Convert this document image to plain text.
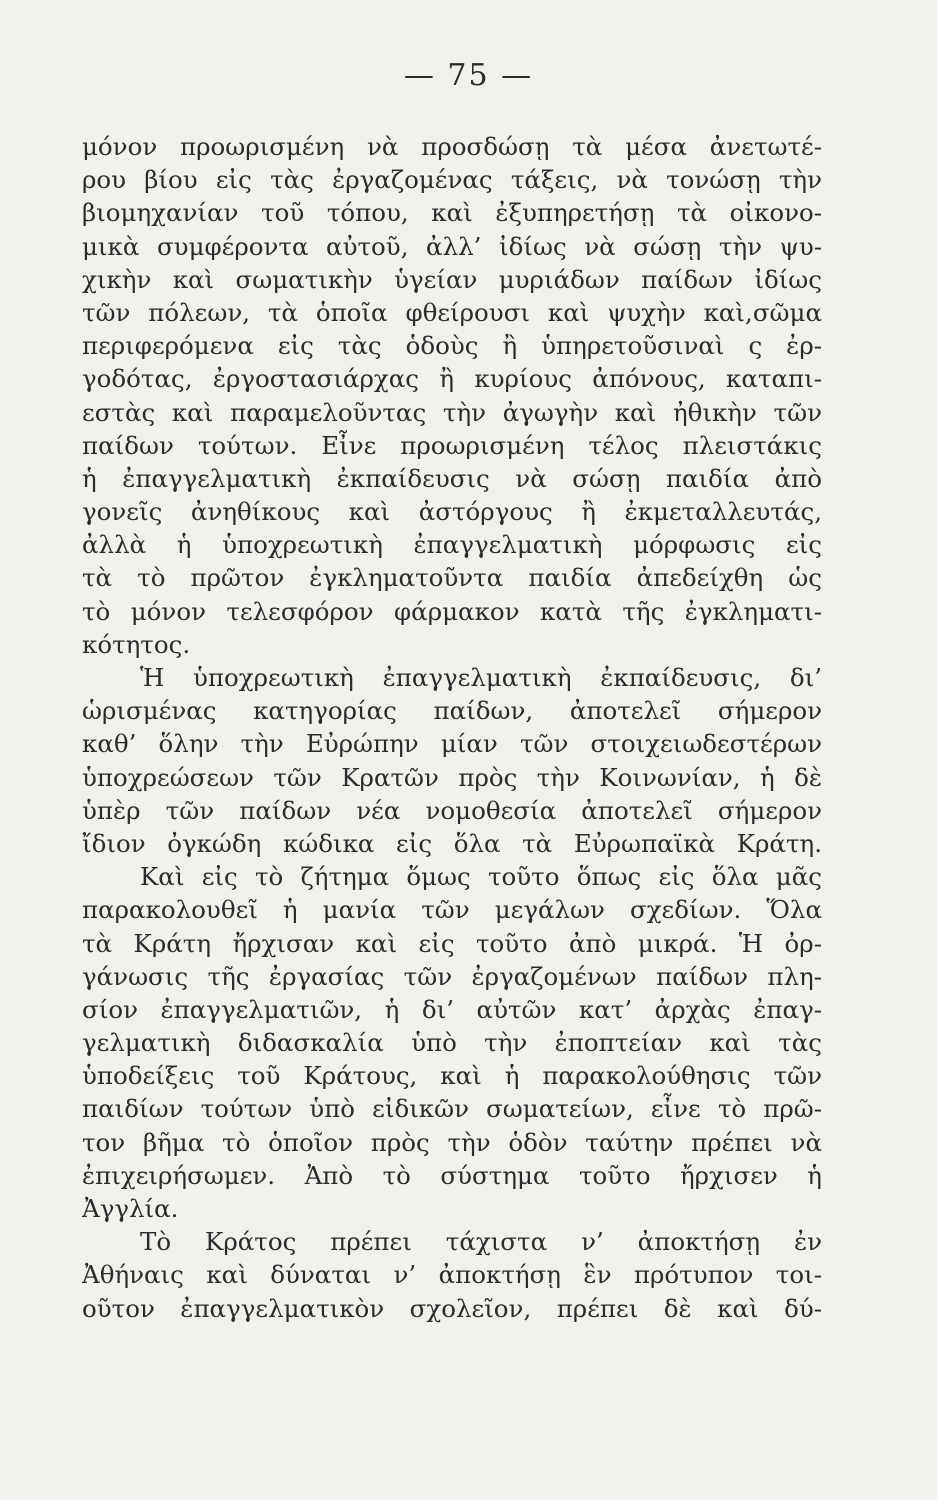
— 75 —
μόνον προωρισμένη νὰ προσδώσῃ τὰ μέσα ἀνετωτέ-
ρου βίου εἰς τὰς ἐργαζομένας τάξεις, νὰ τονώσῃ τὴν
βιομηχανίαν τοῦ τόπου, καὶ ἐξυπηρετήσῃ τὰ οἰκονο-
μικὰ συμφέροντα αὐτοῦ, ἀλλ’ ἰδίως νὰ σώσῃ τὴν ψυ-
χικὴν καὶ σωματικὴν ὑγείαν μυριάδων παίδων ἰδίως
τῶν πόλεων, τὰ ὁποῖα φθείρουσι καὶ ψυχὴν καὶ,σῶμα
περιφερόμενα εἰς τὰς ὁδοὺς ἢ ὑπηρετοῦσιναὶ ς ἐρ-
γοδότας, ἐργοστασιάρχας ἢ κυρίους ἀπόνους, καταπι-
εστὰς καὶ παραμελοῦντας τὴν ἀγωγὴν καὶ ἠθικὴν τῶν
παίδων τούτων. Εἶνε προωρισμένη τέλος πλειστάκις
ἡ ἐπαγγελματικὴ ἐκπαίδευσις νὰ σώσῃ παιδία ἀπὸ
γονεῖς ἀνηθίκους καὶ ἀστόργους ἢ ἐκμεταλλευτάς,
ἀλλὰ ἡ ὑποχρεωτικὴ ἐπαγγελματικὴ μόρφωσις εἰς
τὰ τὸ πρῶτον ἐγκληματοῦντα παιδία ἀπεδείχθη ὡς
τὸ μόνον τελεσφόρον φάρμακον κατὰ τῆς ἐγκληματι-
κότητος.
Ἡ ὑποχρεωτικὴ ἐπαγγελματικὴ ἐκπαίδευσις, δι’
ὡρισμένας κατηγορίας παίδων, ἀποτελεῖ σήμερον
καθ’ ὅλην τὴν Εὐρώπην μίαν τῶν στοιχειωδεστέρων
ὑποχρεώσεων τῶν Κρατῶν πρὸς τὴν Κοινωνίαν, ἡ δὲ
ὑπὲρ τῶν παίδων νέα νομοθεσία ἀποτελεῖ σήμερον
ἴδιον ὀγκώδη κώδικα εἰς ὅλα τὰ Εὐρωπαϊκὰ Κράτη.
Καὶ εἰς τὸ ζήτημα ὅμως τοῦτο ὅπως εἰς ὅλα μᾶς
παρακολουθεῖ ἡ μανία τῶν μεγάλων σχεδίων. Ὅλα
τὰ Κράτη ἤρχισαν καὶ εἰς τοῦτο ἀπὸ μικρά. Ἡ ὀρ-
γάνωσις τῆς ἐργασίας τῶν ἐργαζομένων παίδων πλη-
σίον ἐπαγγελματιῶν, ἡ δι’ αὐτῶν κατ’ ἀρχὰς ἐπαγ-
γελματικὴ διδασκαλία ὑπὸ τὴν ἐποπτείαν καὶ τὰς
ὑποδείξεις τοῦ Κράτους, καὶ ἡ παρακολούθησις τῶν
παιδίων τούτων ὑπὸ εἰδικῶν σωματείων, εἶνε τὸ πρῶ-
τον βῆμα τὸ ὁποῖον πρὸς τὴν ὁδὸν ταύτην πρέπει νὰ
ἐπιχειρήσωμεν. Ἀπὸ τὸ σύστημα τοῦτο ἤρχισεν ἡ
Ἀγγλία.
Τὸ Κράτος πρέπει τάχιστα ν’ ἀποκτήσῃ ἐν
Ἀθήναις καὶ δύναται ν’ ἀποκτήσῃ ἓν πρότυπον τοι-
οῦτον ἐπαγγελματικὸν σχολεῖον, πρέπει δὲ καὶ δύ-
